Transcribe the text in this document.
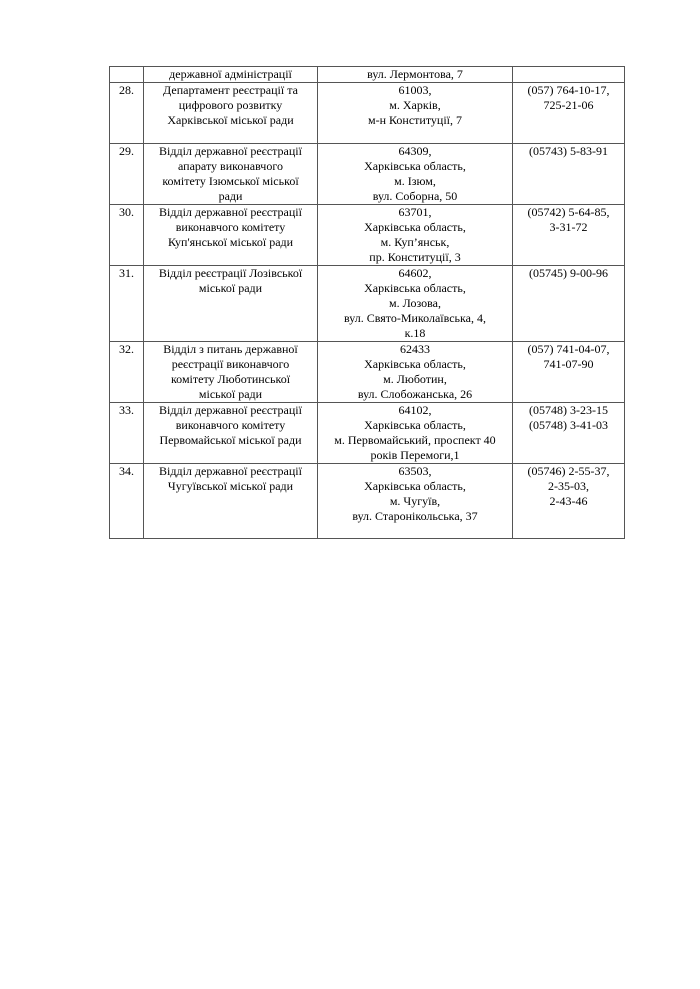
	державної адміністрації	вул. Лермонтова, 7	

28.	Департамент реєстрації та
цифрового розвитку
Харківської міської ради	61003,
м. Харків,
м-н Конституції, 7	(057) 764-10-17,
725-21-06

29.	Відділ державної реєстрації
апарату виконавчого
комітету Ізюмської міської
ради	64309,
Харківська область,
м. Ізюм,
вул. Соборна, 50	(05743) 5-83-91

30.	Відділ державної реєстрації
виконавчого комітету
Куп'янської міської ради	63701,
Харківська область,
м. Куп’янськ,
пр. Конституції, 3	(05742) 5-64-85,
3-31-72

31.	Відділ реєстрації Лозівської
міської ради	64602,
Харківська область,
м. Лозова,
вул. Свято-Миколаївська, 4,
к.18	(05745) 9-00-96

32.	Відділ з питань державної
реєстрації виконавчого
комітету Люботинської
міської ради	62433
Харківська область,
м. Люботин,
вул. Слобожанська, 26	(057) 741-04-07,
741-07-90

33.	Відділ державної реєстрації
виконавчого комітету
Первомайської міської ради	64102,
Харківська область,
м. Первомайський, проспект 40
років Перемоги,1	(05748) 3-23-15
(05748) 3-41-03

34.	Відділ державної реєстрації
Чугуївської міської ради	63503,
Харківська область,
м. Чугуїв,
вул. Старонікольська, 37	(05746) 2-55-37,
2-35-03,
2-43-46
